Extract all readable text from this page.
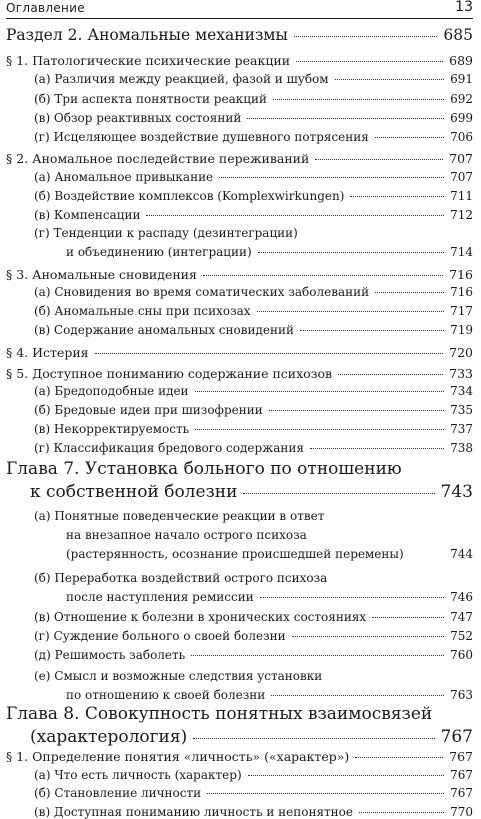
Оглавление	13
Раздел 2. Аномальные механизмы	685
§ 1. Патологические психические реакции	689
(а) Различия между реакцией, фазой и шубом	691
(б) Три аспекта понятности реакций	692
(в) Обзор реактивных состояний	699
(г) Исцеляющее воздействие душевного потрясения	706
§ 2. Аномальное последействие переживаний	707
(а) Аномальное привыкание	707
(б) Воздействие комплексов (Komplexwirkungen)	711
(в) Компенсации	712
(г) Тенденции к распаду (дезинтеграции)
и объединению (интеграции)	714
§ 3. Аномальные сновидения	716
(а) Сновидения во время соматических заболеваний	716
(б) Аномальные сны при психозах	717
(в) Содержание аномальных сновидений	719
§ 4. Истерия	720
§ 5. Доступное пониманию содержание психозов	733
(а) Бредоподобные идеи	734
(б) Бредовые идеи при шизофрении	735
(в) Некорректируемость	737
(г) Классификация бредового содержания	738
Глава 7. Установка больного по отношению
к собственной болезни	743
(а) Понятные поведенческие реакции в ответ
на внезапное начало острого психоза
(растерянность, осознание происшедшей перемены)	744
(б) Переработка воздействий острого психоза
после наступления ремиссии	746
(в) Отношение к болезни в хронических состояниях	747
(г) Суждение больного о своей болезни	752
(д) Решимость заболеть	760
(е) Смысл и возможные следствия установки
по отношению к своей болезни	763
Глава 8. Совокупность понятных взаимосвязей
(характерология)	767
§ 1. Определение понятия «личность» («характер»)	767
(а) Что есть личность (характер)	767
(б) Становление личности	767
(в) Доступная пониманию личность и непонятное	770
